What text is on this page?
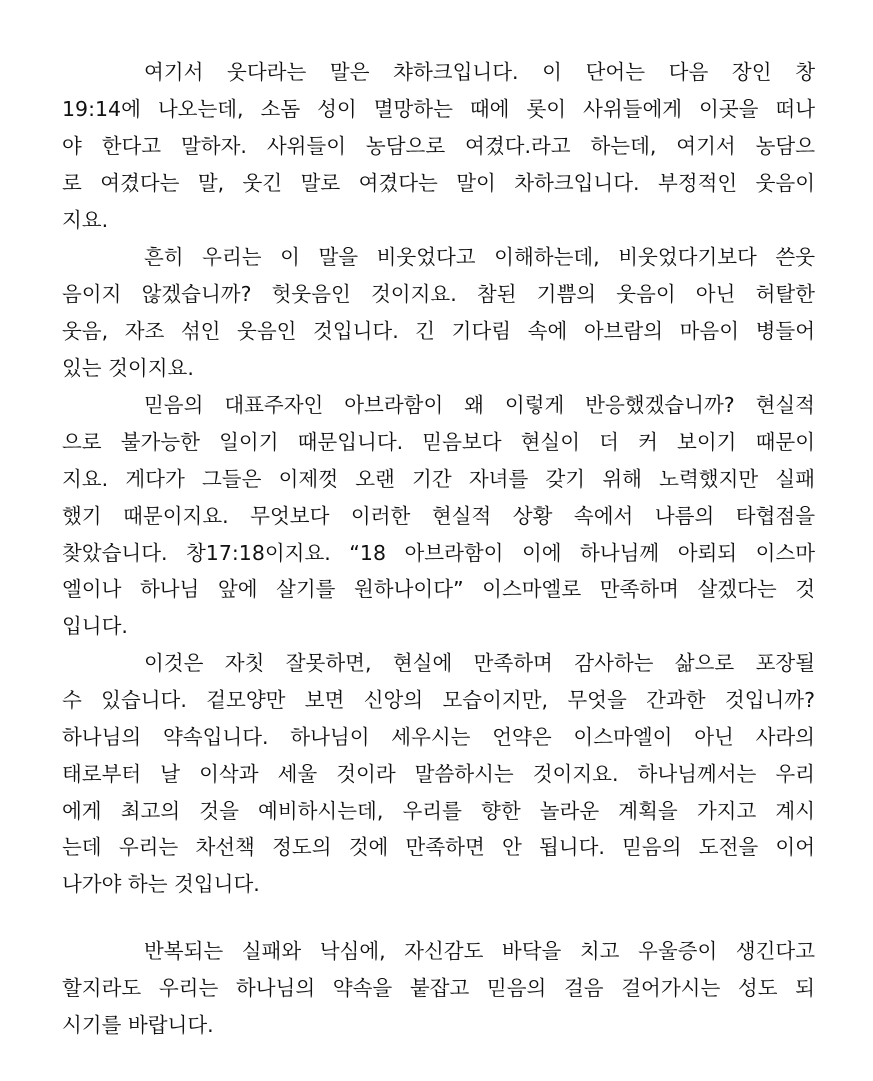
여기서 웃다라는 말은 챠하크입니다. 이 단어는 다음 장인 창
19:14에 나오는데, 소돔 성이 멸망하는 때에 롯이 사위들에게 이곳을 떠나
야 한다고 말하자. 사위들이 농담으로 여겼다.라고 하는데, 여기서 농담으
로 여겼다는 말, 웃긴 말로 여겼다는 말이 차하크입니다. 부정적인 웃음이
지요.
흔히 우리는 이 말을 비웃었다고 이해하는데, 비웃었다기보다 쓴웃
음이지 않겠습니까? 헛웃음인 것이지요. 참된 기쁨의 웃음이 아닌 허탈한
웃음, 자조 섞인 웃음인 것입니다. 긴 기다림 속에 아브람의 마음이 병들어
있는 것이지요.
믿음의 대표주자인 아브라함이 왜 이렇게 반응했겠습니까? 현실적
으로 불가능한 일이기 때문입니다. 믿음보다 현실이 더 커 보이기 때문이
지요. 게다가 그들은 이제껏 오랜 기간 자녀를 갖기 위해 노력했지만 실패
했기 때문이지요. 무엇보다 이러한 현실적 상황 속에서 나름의 타협점을
찾았습니다. 창17:18이지요. “18 아브라함이 이에 하나님께 아뢰되 이스마
엘이나 하나님 앞에 살기를 원하나이다” 이스마엘로 만족하며 살겠다는 것
입니다.
이것은 자칫 잘못하면, 현실에 만족하며 감사하는 삶으로 포장될
수 있습니다. 겉모양만 보면 신앙의 모습이지만, 무엇을 간과한 것입니까?
하나님의 약속입니다. 하나님이 세우시는 언약은 이스마엘이 아닌 사라의
태로부터 날 이삭과 세울 것이라 말씀하시는 것이지요. 하나님께서는 우리
에게 최고의 것을 예비하시는데, 우리를 향한 놀라운 계획을 가지고 계시
는데 우리는 차선책 정도의 것에 만족하면 안 됩니다. 믿음의 도전을 이어
나가야 하는 것입니다.
반복되는 실패와 낙심에, 자신감도 바닥을 치고 우울증이 생긴다고
할지라도 우리는 하나님의 약속을 붙잡고 믿음의 걸음 걸어가시는 성도 되
시기를 바랍니다.
